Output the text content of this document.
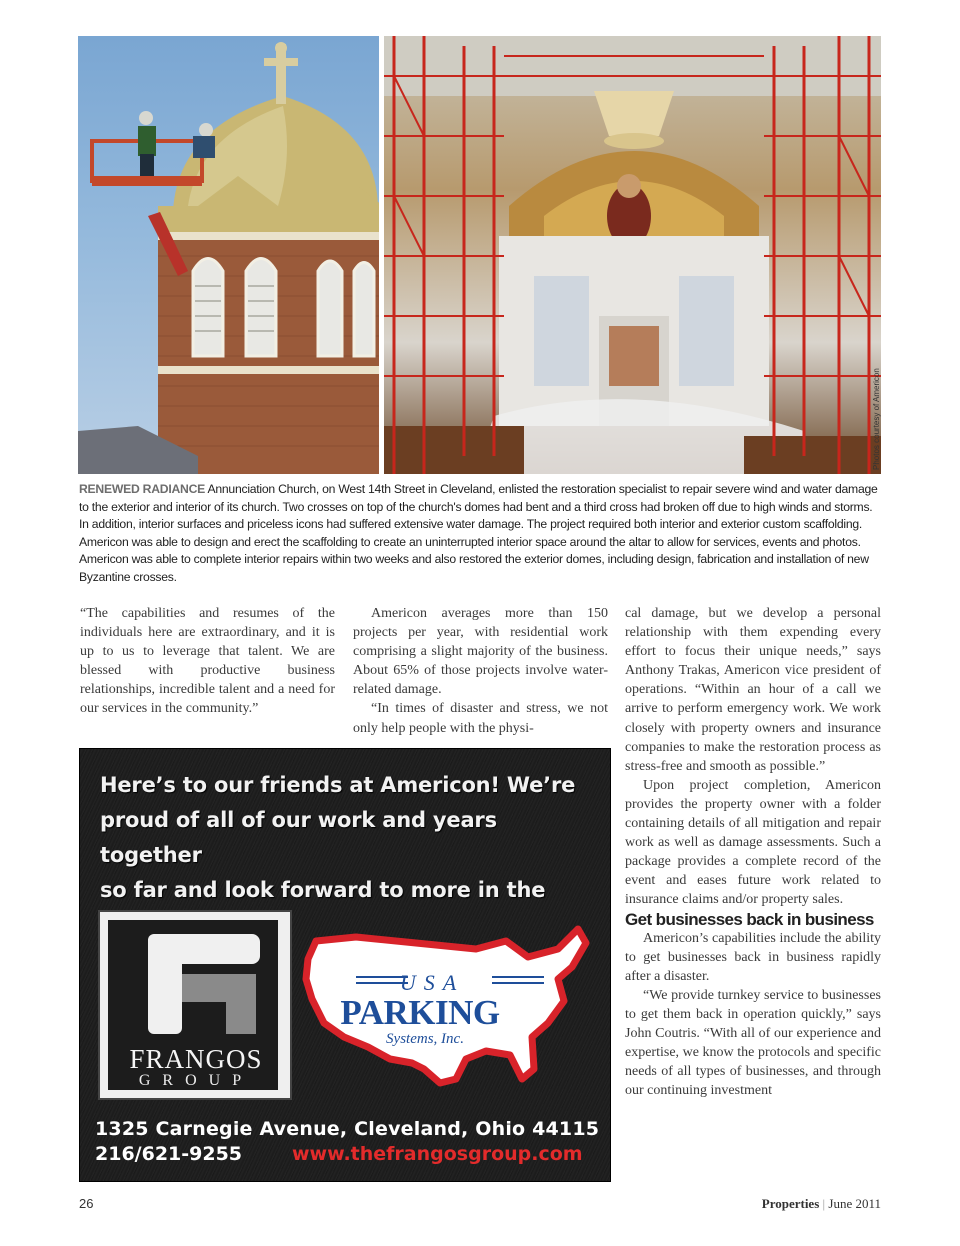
Photos courtesy of Americon
RENEWED RADIANCE Annunciation Church, on West 14th Street in Cleveland, enlisted the restoration specialist to repair severe wind and water damage to the exterior and interior of its church. Two crosses on top of the church's domes had bent and a third cross had broken off due to high winds and storms. In addition, interior surfaces and priceless icons had suffered extensive water damage. The project required both interior and exterior custom scaffolding. Americon was able to design and erect the scaffolding to create an uninterrupted interior space around the altar to allow for services, events and photos. Americon was able to complete interior repairs within two weeks and also restored the exterior domes, including design, fabrication and installation of new Byzantine crosses.

“The capabilities and resumes of the individuals here are extraordinary, and it is up to us to leverage that talent. We are blessed with productive business relationships, incredible talent and a need for our services in the community.”

Americon averages more than 150 projects per year, with residential work comprising a slight majority of the business. About 65% of those projects involve water-related damage.

“In times of disaster and stress, we not only help people with the physi-

cal damage, but we develop a personal relationship with them expending every effort to focus their unique needs,” says Anthony Trakas, Americon vice president of operations. “Within an hour of a call we arrive to perform emergency work. We work closely with property owners and insurance companies to make the restoration process as stress-free and smooth as possible.”

Upon project completion, Americon provides the property owner with a folder containing details of all mitigation and repair work as well as damage assessments. Such a package provides a complete record of the event and eases future work related to insurance claims and/or property sales.

Get businesses back in business

Americon’s capabilities include the ability to get businesses back in business rapidly after a disaster.

“We provide turnkey service to businesses to get them back in operation quickly,” says John Coutris. “With all of our experience and expertise, we know the protocols and specific needs of all types of businesses, and through our continuing investment

Here’s to our friends at Americon! We’re
proud of all of our work and years together
so far and look forward to more in the
FRANGOS
GROUP
USA
PARKING
Systems, Inc.
1325 Carnegie Avenue, Cleveland, Ohio 44115
216/621-9255	www.thefrangosgroup.com
26	Properties | June 2011
